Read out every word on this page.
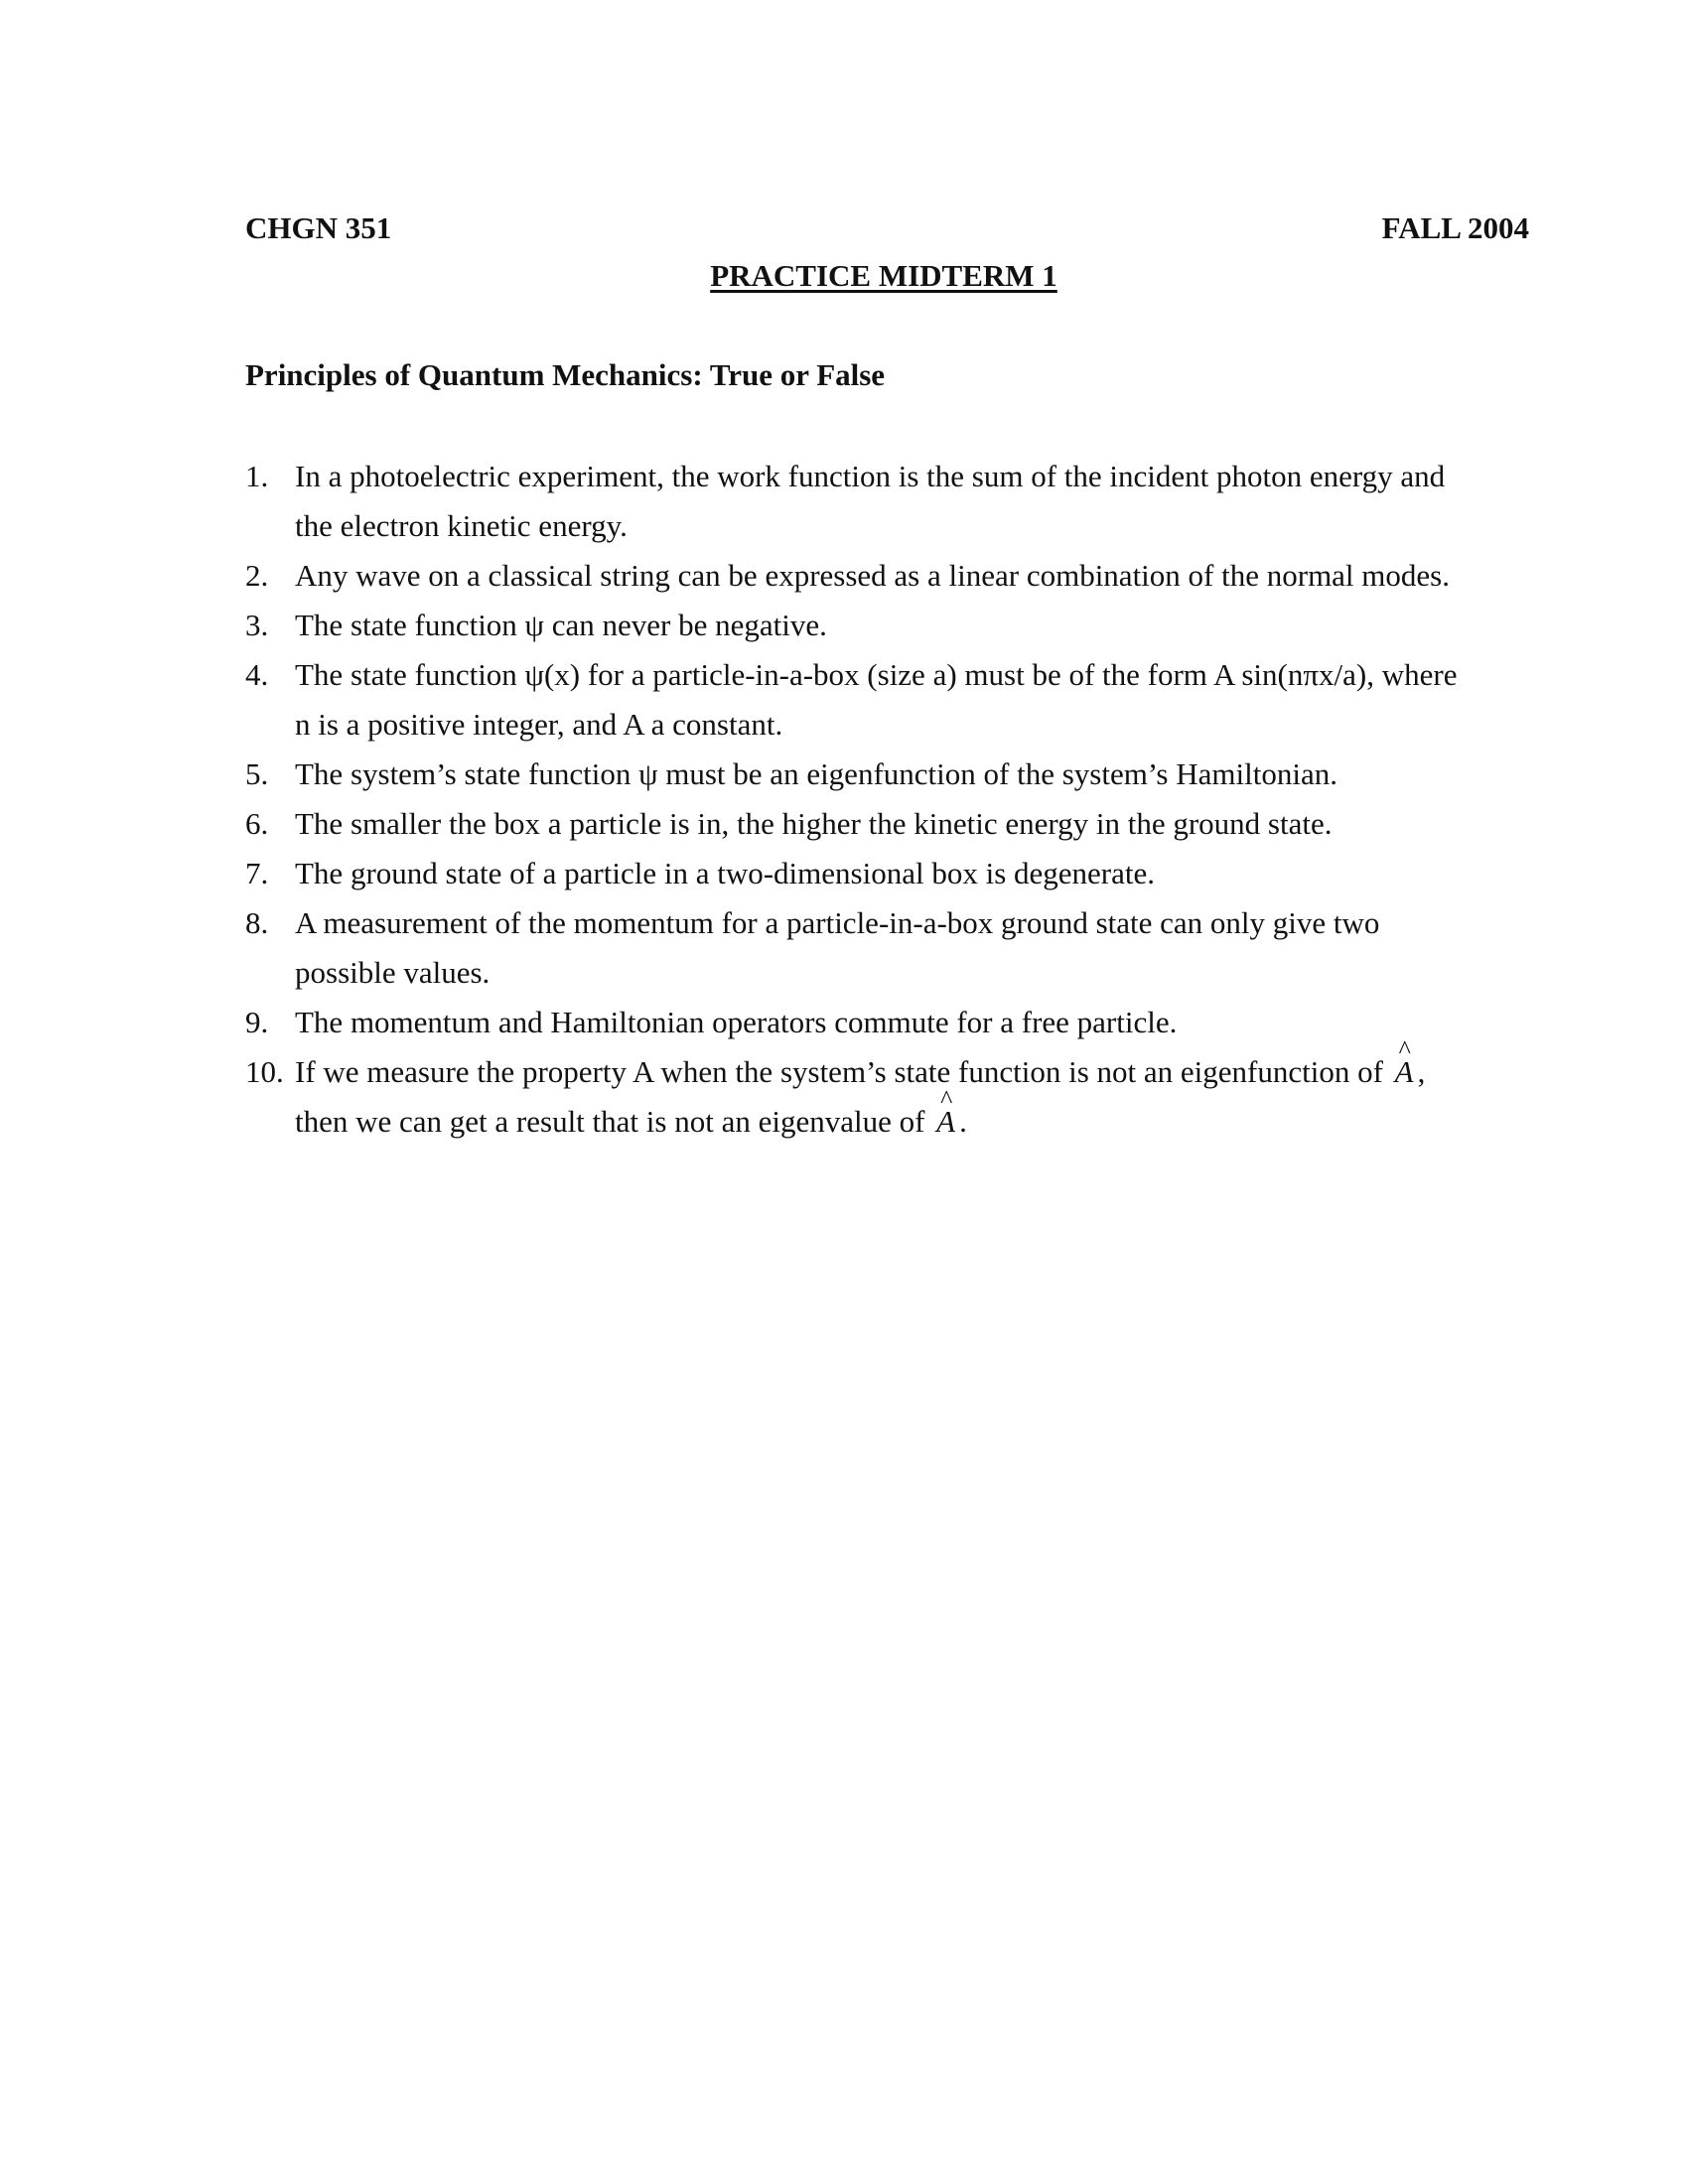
CHGN 351	FALL 2004
PRACTICE MIDTERM 1
Principles of Quantum Mechanics: True or False
1. In a photoelectric experiment, the work function is the sum of the incident photon energy and the electron kinetic energy.
2. Any wave on a classical string can be expressed as a linear combination of the normal modes.
3. The state function ψ can never be negative.
4. The state function ψ(x) for a particle-in-a-box (size a) must be of the form A sin(nπx/a), where n is a positive integer, and A a constant.
5. The system’s state function ψ must be an eigenfunction of the system’s Hamiltonian.
6. The smaller the box a particle is in, the higher the kinetic energy in the ground state.
7. The ground state of a particle in a two-dimensional box is degenerate.
8. A measurement of the momentum for a particle-in-a-box ground state can only give two possible values.
9. The momentum and Hamiltonian operators commute for a free particle.
10. If we measure the property A when the system’s state function is not an eigenfunction of ^ A , then we can get a result that is not an eigenvalue of ^ A .
